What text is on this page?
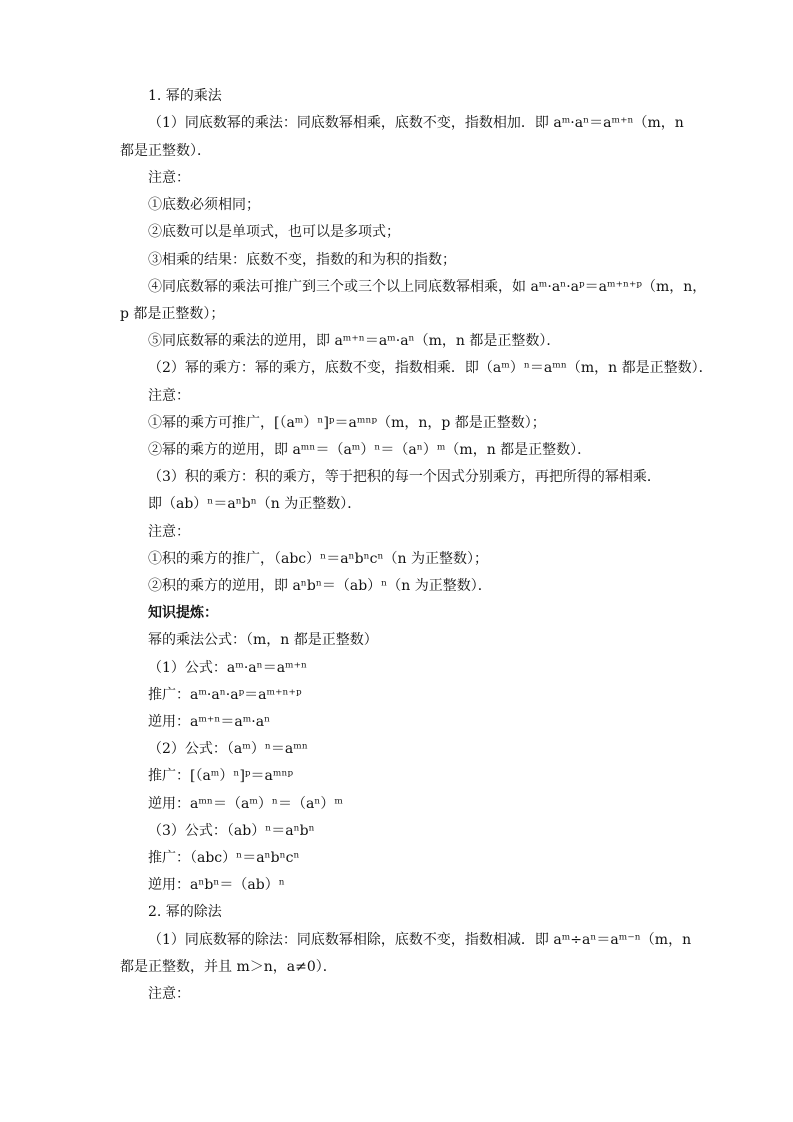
1. 幂的乘法
（1）同底数幂的乘法：同底数幂相乘，底数不变，指数相加．即 aᵐ·aⁿ＝aᵐ⁺ⁿ（m，n
都是正整数）．
注意：
①底数必须相同；
②底数可以是单项式，也可以是多项式；
③相乘的结果：底数不变，指数的和为积的指数；
④同底数幂的乘法可推广到三个或三个以上同底数幂相乘，如 aᵐ·aⁿ·aᵖ＝aᵐ⁺ⁿ⁺ᵖ（m，n，
p 都是正整数）；
⑤同底数幂的乘法的逆用，即 aᵐ⁺ⁿ＝aᵐ·aⁿ（m，n 都是正整数）．
（2）幂的乘方：幂的乘方，底数不变，指数相乘．即（aᵐ）ⁿ＝aᵐⁿ（m，n 都是正整数）．
注意：
①幂的乘方可推广，[（aᵐ）ⁿ]ᵖ＝aᵐⁿᵖ（m，n，p 都是正整数）；
②幂的乘方的逆用，即 aᵐⁿ＝（aᵐ）ⁿ＝（aⁿ）ᵐ（m，n 都是正整数）．
（3）积的乘方：积的乘方，等于把积的每一个因式分别乘方，再把所得的幂相乘．
即（ab）ⁿ＝aⁿbⁿ（n 为正整数）．
注意：
①积的乘方的推广，（abc）ⁿ＝aⁿbⁿcⁿ（n 为正整数）；
②积的乘方的逆用，即 aⁿbⁿ＝（ab）ⁿ（n 为正整数）．
知识提炼：
幂的乘法公式：（m，n 都是正整数）
（1）公式：aᵐ·aⁿ＝aᵐ⁺ⁿ
推广：aᵐ·aⁿ·aᵖ＝aᵐ⁺ⁿ⁺ᵖ
逆用：aᵐ⁺ⁿ＝aᵐ·aⁿ
（2）公式：（aᵐ）ⁿ＝aᵐⁿ
推广：[（aᵐ）ⁿ]ᵖ＝aᵐⁿᵖ
逆用：aᵐⁿ＝（aᵐ）ⁿ＝（aⁿ）ᵐ
（3）公式：（ab）ⁿ＝aⁿbⁿ
推广：（abc）ⁿ＝aⁿbⁿcⁿ
逆用：aⁿbⁿ＝（ab）ⁿ
2. 幂的除法
（1）同底数幂的除法：同底数幂相除，底数不变，指数相减．即 aᵐ÷aⁿ＝aᵐ⁻ⁿ（m，n
都是正整数，并且 m＞n，a≠0）．
注意：
